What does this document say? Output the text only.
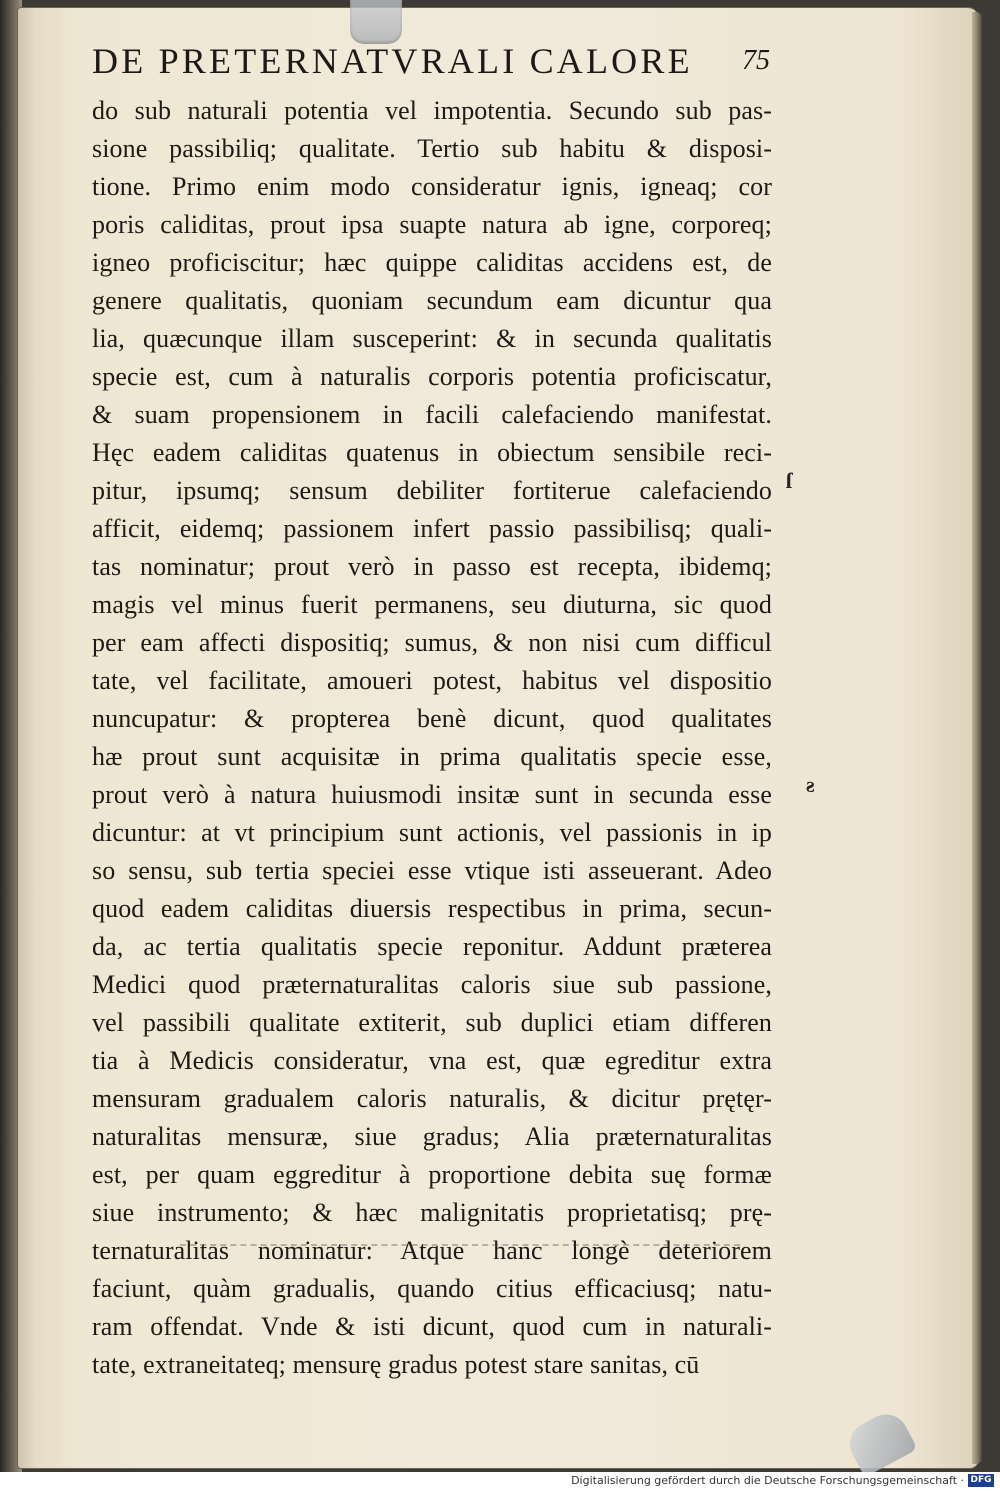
DE PRETERNATVRALI CALORE	75
do sub naturali potentia vel impotentia. Secundo sub pas-
sione passibiliq; qualitate. Tertio sub habitu & disposi-
tione. Primo enim modo consideratur ignis, igneaq; cor
poris caliditas, prout ipsa suapte natura ab igne, corporeq;
igneo proficiscitur; hæc quippe caliditas accidens est, de
genere qualitatis, quoniam secundum eam dicuntur qua
lia, quæcunque illam susceperint: & in secunda qualitatis
specie est, cum à naturalis corporis potentia proficiscatur,
& suam propensionem in facili calefaciendo manifestat.
Hęc eadem caliditas quatenus in obiectum sensibile reci-
pitur, ipsumq; sensum debiliter fortiterue calefaciendo
afficit, eidemq; passionem infert passio passibilisq; quali-
tas nominatur; prout verò in passo est recepta, ibidemq;
magis vel minus fuerit permanens, seu diuturna, sic quod
per eam affecti dispositiq; sumus, & non nisi cum difficul
tate, vel facilitate, amoueri potest, habitus vel dispositio
nuncupatur: & propterea benè dicunt, quod qualitates
hæ prout sunt acquisitæ in prima qualitatis specie esse,
prout verò à natura huiusmodi insitæ sunt in secunda esse
dicuntur: at vt principium sunt actionis, vel passionis in ip
so sensu, sub tertia speciei esse vtique isti asseuerant. Adeo
quod eadem caliditas diuersis respectibus in prima, secun-
da, ac tertia qualitatis specie reponitur. Addunt præterea
Medici quod præternaturalitas caloris siue sub passione,
vel passibili qualitate extiterit, sub duplici etiam differen
tia à Medicis consideratur, vna est, quæ egreditur extra
mensuram gradualem caloris naturalis, & dicitur prętęr-
naturalitas mensuræ, siue gradus; Alia præternaturalitas
est, per quam eggreditur à proportione debita suę formæ
siue instrumento; & hæc malignitatis proprietatisq; prę-
ternaturalitas nominatur: Atque hanc longè deteriorem
faciunt, quàm gradualis, quando citius efficaciusq; natu-
ram offendat. Vnde & isti dicunt, quod cum in naturali-
tate, extraneitateq; mensurę gradus potest stare sanitas, cū
ſ
ƨ
Digitalisierung gefördert durch die Deutsche Forschungsgemeinschaft · DFG
